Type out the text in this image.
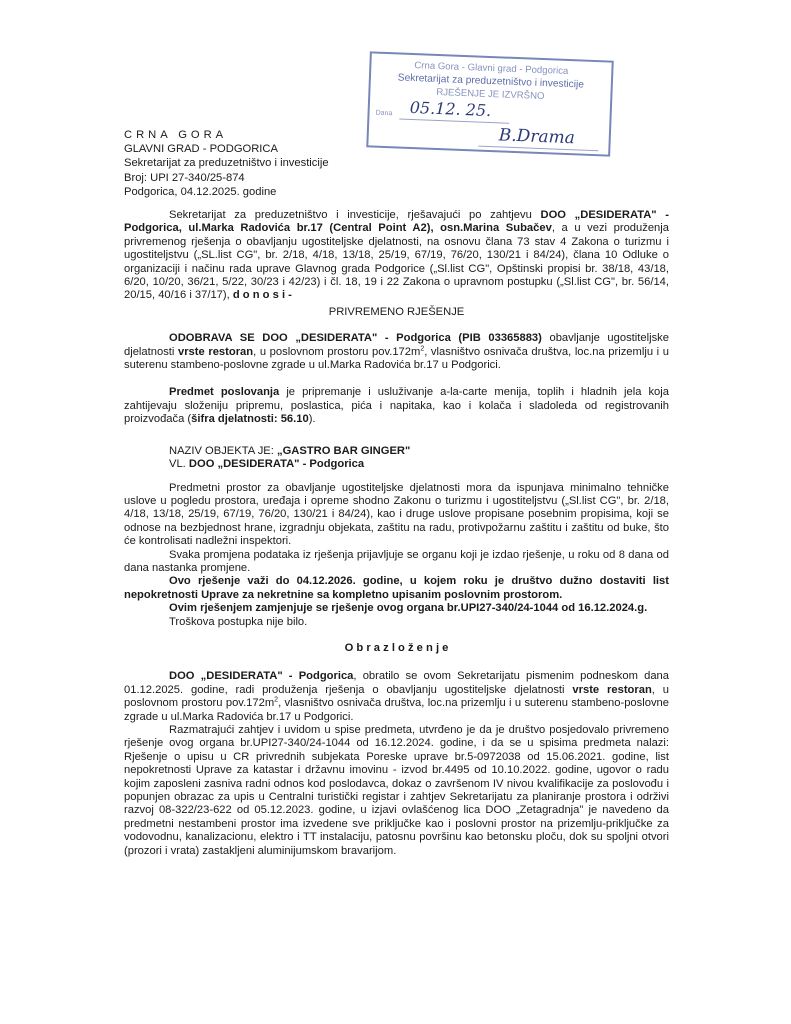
Crna Gora - Glavni grad - Podgorica
Sekretarijat za preduzetništvo i investicije
RJEŠENJE JE IZVRŠNO
Dana 05.12. 25.
B.Drama
CRNA GORA
GLAVNI GRAD - PODGORICA
Sekretarijat za preduzetništvo i investicije
Broj: UPI 27-340/25-874
Podgorica, 04.12.2025. godine
Sekretarijat za preduzetništvo i investicije, rješavajući po zahtjevu DOO „DESIDERATA" - Podgorica, ul.Marka Radovića br.17 (Central Point A2), osn.Marina Subačev, a u vezi produženja privremenog rješenja o obavljanju ugostiteljske djelatnosti, na osnovu člana 73 stav 4 Zakona o turizmu i ugostiteljstvu („SL.list CG", br. 2/18, 4/18, 13/18, 25/19, 67/19, 76/20, 130/21 i 84/24), člana 10 Odluke o organizaciji i načinu rada uprave Glavnog grada Podgorice („Sl.list CG", Opštinski propisi br. 38/18, 43/18, 6/20, 10/20, 36/21, 5/22, 30/23 i 42/23) i čl. 18, 19 i 22 Zakona o upravnom postupku („Sl.list CG", br. 56/14, 20/15, 40/16 i 37/17), d o n o s i -
PRIVREMENO RJEŠENJE
ODOBRAVA SE DOO „DESIDERATA" - Podgorica (PIB 03365883) obavljanje ugostiteljske djelatnosti vrste restoran, u poslovnom prostoru $pov.172m^2$, vlasništvo osnivača društva, loc.na prizemlju i u suterenu stambeno-poslovne zgrade u ul.Marka Radovića br.17 u Podgorici.
Predmet poslovanja je pripremanje i usluživanje a-la-carte menija, toplih i hladnih jela koja zahtijevaju složeniju pripremu, poslastica, pića i napitaka, kao i kolača i sladoleda od registrovanih proizvođača (šifra djelatnosti: 56.10).
NAZIV OBJEKTA JE: „GASTRO BAR GINGER"
VL. DOO „DESIDERATA" - Podgorica
Predmetni prostor za obavljanje ugostiteljske djelatnosti mora da ispunjava minimalno tehničke uslove u pogledu prostora, uređaja i opreme shodno Zakonu o turizmu i ugostiteljstvu („Sl.list CG", br. 2/18, 4/18, 13/18, 25/19, 67/19, 76/20, 130/21 i 84/24), kao i druge uslove propisane posebnim propisima, koji se odnose na bezbjednost hrane, izgradnju objekata, zaštitu na radu, protivpožarnu zaštitu i zaštitu od buke, što će kontrolisati nadležni inspektori.
Svaka promjena podataka iz rješenja prijavljuje se organu koji je izdao rješenje, u roku od 8 dana od dana nastanka promjene.
Ovo rješenje važi do 04.12.2026. godine, u kojem roku je društvo dužno dostaviti list nepokretnosti Uprave za nekretnine sa kompletno upisanim poslovnim prostorom.
Ovim rješenjem zamjenjuje se rješenje ovog organa br.UPI27-340/24-1044 od 16.12.2024.g.
Troškova postupka nije bilo.
O b r a z l o ž e n j e
DOO „DESIDERATA" - Podgorica, obratilo se ovom Sekretarijatu pismenim podneskom dana 01.12.2025. godine, radi produženja rješenja o obavljanju ugostiteljske djelatnosti vrste restoran, u poslovnom prostoru $pov.172m^2$, vlasništvo osnivača društva, loc.na prizemlju i u suterenu stambeno-poslovne zgrade u ul.Marka Radovića br.17 u Podgorici.
Razmatrajući zahtjev i uvidom u spise predmeta, utvrđeno je da je društvo posjedovalo privremeno rješenje ovog organa br.UPI27-340/24-1044 od 16.12.2024. godine, i da se u spisima predmeta nalazi: Rješenje o upisu u CR privrednih subjekata Poreske uprave br.5-0972038 od 15.06.2021. godine, list nepokretnosti Uprave za katastar i državnu imovinu - izvod br.4495 od 10.10.2022. godine, ugovor o radu kojim zaposleni zasniva radni odnos kod poslodavca, dokaz o završenom IV nivou kvalifikacije za poslovođu i popunjen obrazac za upis u Centralni turistički registar i zahtjev Sekretarijatu za planiranje prostora i održivi razvoj 08-322/23-622 od 05.12.2023. godine, u izjavi ovlašćenog lica DOO „Zetagradnja" je navedeno da predmetni nestambeni prostor ima izvedene sve priključke kao i poslovni prostor na prizemlju-priključke za vodovodnu, kanalizacionu, elektro i TT instalaciju, patosnu površinu kao betonsku ploču, dok su spoljni otvori (prozori i vrata) zastakljeni aluminijumskom bravarijom.
